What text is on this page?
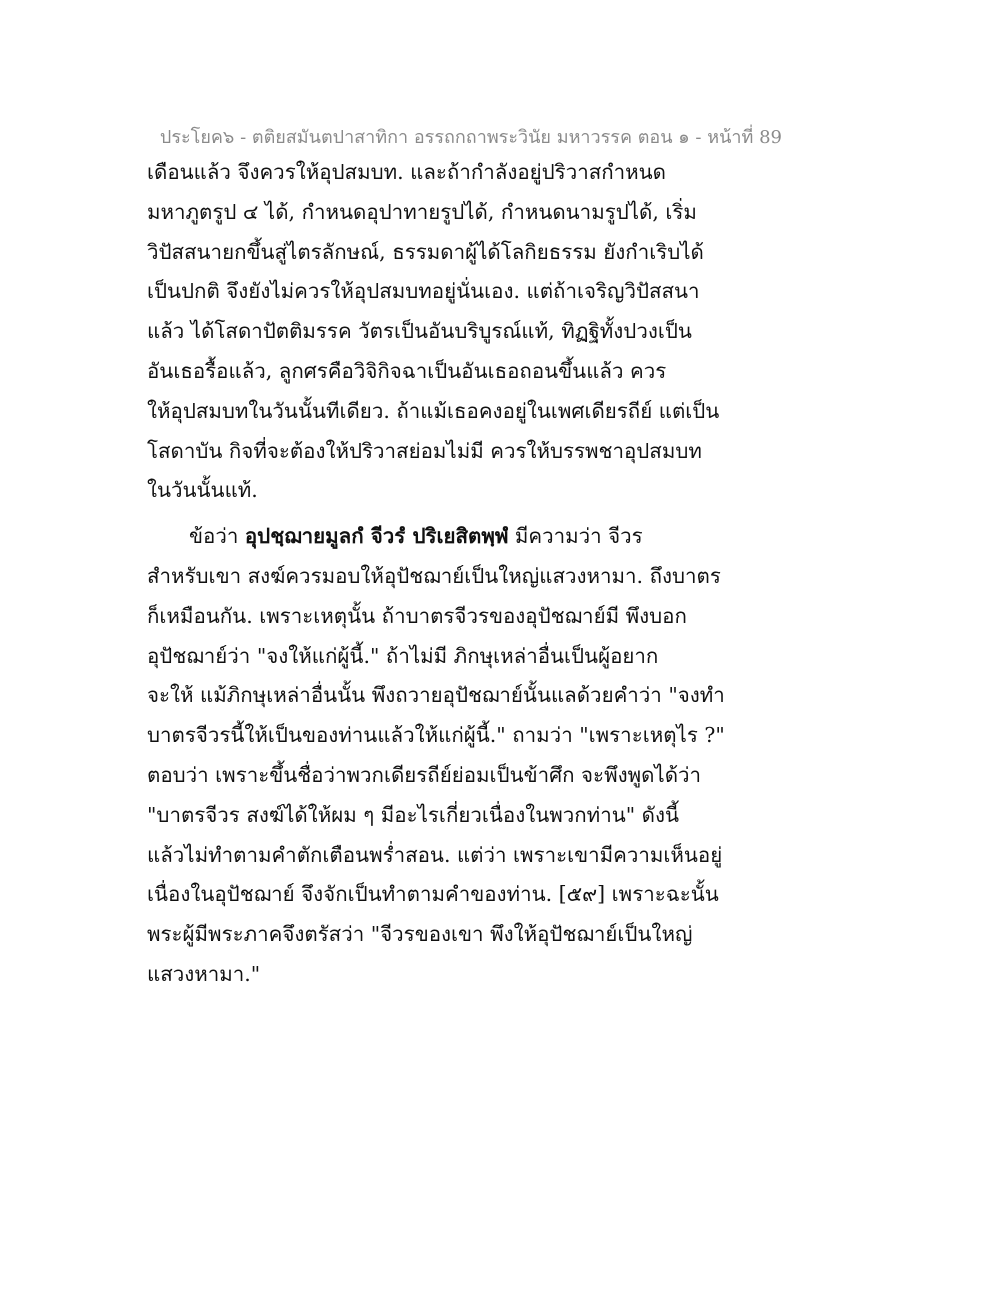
ประโยค๖ - ตติยสมันตปาสาทิกา อรรถกถาพระวินัย มหาวรรค ตอน ๑ - หน้าที่ 89
เดือนแล้ว จึงควรให้อุปสมบท. และถ้ากำลังอยู่ปริวาสกำหนด
มหาภูตรูป ๔ ได้, กำหนดอุปาทายรูปได้, กำหนดนามรูปได้, เริ่ม
วิปัสสนายกขึ้นสู่ไตรลักษณ์, ธรรมดาผู้ได้โลกิยธรรม ยังกำเริบได้
เป็นปกติ จึงยังไม่ควรให้อุปสมบทอยู่นั่นเอง. แต่ถ้าเจริญวิปัสสนา
แล้ว ได้โสดาปัตติมรรค วัตรเป็นอันบริบูรณ์แท้, ทิฏฐิทั้งปวงเป็น
อันเธอรื้อแล้ว, ลูกศรคือวิจิกิจฉาเป็นอันเธอถอนขึ้นแล้ว ควร
ให้อุปสมบทในวันนั้นทีเดียว. ถ้าแม้เธอคงอยู่ในเพศเดียรถีย์ แต่เป็น
โสดาบัน กิจที่จะต้องให้ปริวาสย่อมไม่มี ควรให้บรรพชาอุปสมบท
ในวันนั้นแท้.
ข้อว่า อุปชฺฌายมูลกํ จีวรํ ปริเยสิตพฺพํ มีความว่า จีวร
สำหรับเขา สงฆ์ควรมอบให้อุปัชฌาย์เป็นใหญ่แสวงหามา. ถึงบาตร
ก็เหมือนกัน. เพราะเหตุนั้น ถ้าบาตรจีวรของอุปัชฌาย์มี พึงบอก
อุปัชฌาย์ว่า "จงให้แก่ผู้นี้." ถ้าไม่มี ภิกษุเหล่าอื่นเป็นผู้อยาก
จะให้ แม้ภิกษุเหล่าอื่นนั้น พึงถวายอุปัชฌาย์นั้นแลด้วยคำว่า "จงทำ
บาตรจีวรนี้ให้เป็นของท่านแล้วให้แก่ผู้นี้." ถามว่า "เพราะเหตุไร ?"
ตอบว่า เพราะขึ้นชื่อว่าพวกเดียรถีย์ย่อมเป็นข้าศึก จะพึงพูดได้ว่า
"บาตรจีวร สงฆ์ได้ให้ผม ๆ มีอะไรเกี่ยวเนื่องในพวกท่าน" ดังนี้
แล้วไม่ทำตามคำตักเตือนพร่ำสอน. แต่ว่า เพราะเขามีความเห็นอยู่
เนื่องในอุปัชฌาย์ จึงจักเป็นทำตามคำของท่าน. [๕๙] เพราะฉะนั้น
พระผู้มีพระภาคจึงตรัสว่า "จีวรของเขา พึงให้อุปัชฌาย์เป็นใหญ่
แสวงหามา."
